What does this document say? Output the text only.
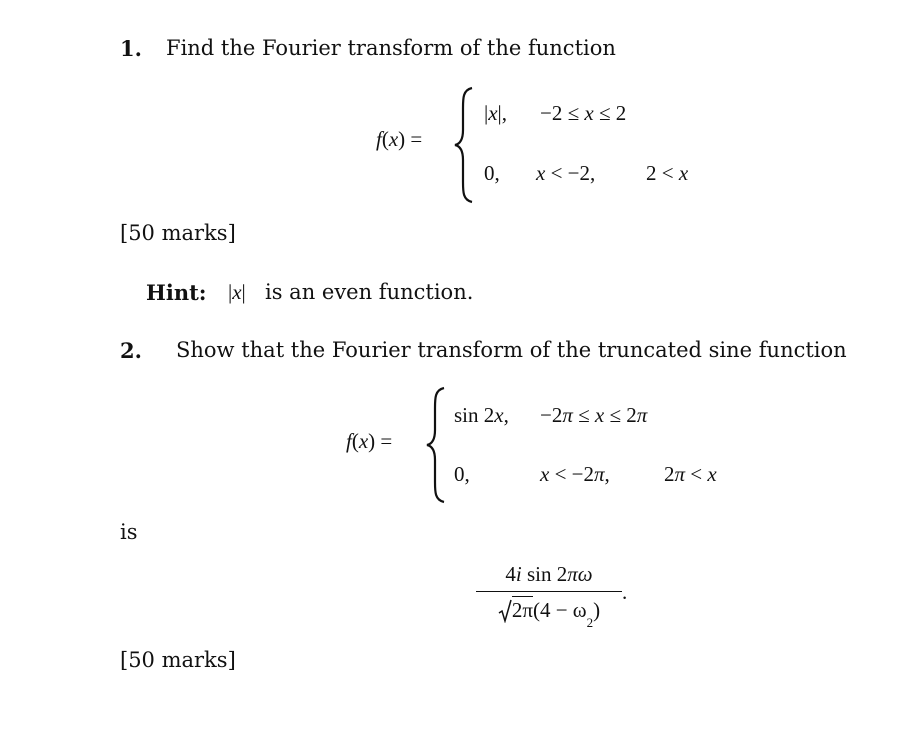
1. Find the Fourier transform of the function
f(x) =
|x|, −2 ≤ x ≤ 2
0, x < −2, 2 < x
[50 marks]
Hint: |x| is an even function.
2. Show that the Fourier transform of the truncated sine function
f(x) =
sin 2x, −2π ≤ x ≤ 2π
0,	x < −2π,	2π < x
is
4i sin 2πω
2π (4 − ω
2
)
.
[50 marks]
